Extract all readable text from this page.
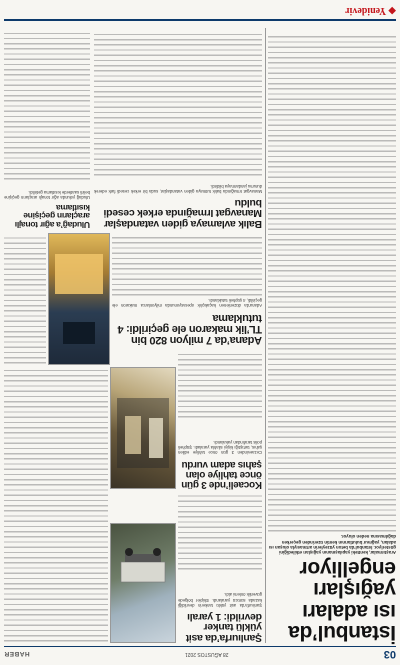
03
28 AĞUSTOS 2021
HABER
İstanbul’da ısı adaları yağışları engelliyor

Araştırmalar, kentteki yapılaşmanın yağışları etkilediğini gösteriyor. İstanbul’da beton yüzeylerin artmasıyla oluşan ısı adaları, yağmur bulutlarının kentin üzerinden geçerken dağılmasına neden oluyor.

Şanlıurfa’da asit yüklü tanker devrildi: 1 yaralı

Şanlıurfa’da asit yüklü tankerin devrildiği kazada sürücü yaralandı. Ekipler bölgede güvenlik önlemi aldı.

Kocaeli’nde 3 gün önce tahliye olan şahıs adam vurdu

Cezaevinden 3 gün önce tahliye edilen şahıs, tartıştığı kişiyi silahla yaraladı. Şüpheli polis tarafından yakalandı.

Adana’da 7 milyon 820 bin TL’lik makaron ele geçirildi: 4 tutuklama

Adana’da düzenlenen kaçakçılık operasyonunda milyonlarca makaron ele geçirildi, 4 şüpheli tutuklandı.

Balık avlamaya giden vatandaşlar Manavgat Irmağında erkek cesedi buldu

Manavgat Irmağında balık tutmaya giden vatandaşlar, suda bir erkek cesedi fark ederek durumu jandarmaya bildirdi.

Uludağ’a ağır tonajlı araçların geçişine kısıtlama

Uludağ yolunda ağır tonajlı araçların geçişine belirli saatlerde kısıtlama getirildi.

◆
Yenidevir
